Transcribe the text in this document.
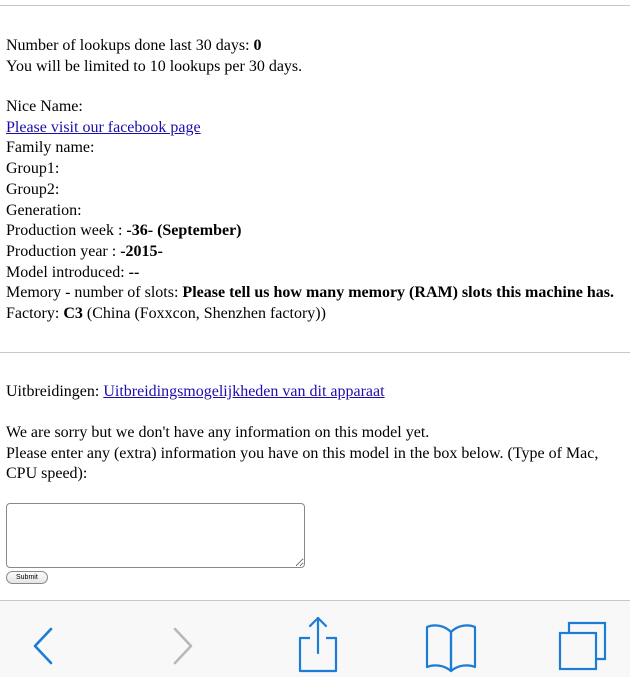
Number of lookups done last 30 days: 0
You will be limited to 10 lookups per 30 days.
Nice Name:
Please visit our facebook page
Family name:
Group1:
Group2:
Generation:
Production week : -36- (September)
Production year : -2015-
Model introduced: --
Memory - number of slots: Please tell us how many memory (RAM) slots this machine has.
Factory: C3 (China (Foxxcon, Shenzhen factory))
Uitbreidingen: Uitbreidingsmogelijkheden van dit apparaat
We are sorry but we don't have any information on this model yet.
Please enter any (extra) information you have on this model in the box below. (Type of Mac, CPU speed):
Submit
